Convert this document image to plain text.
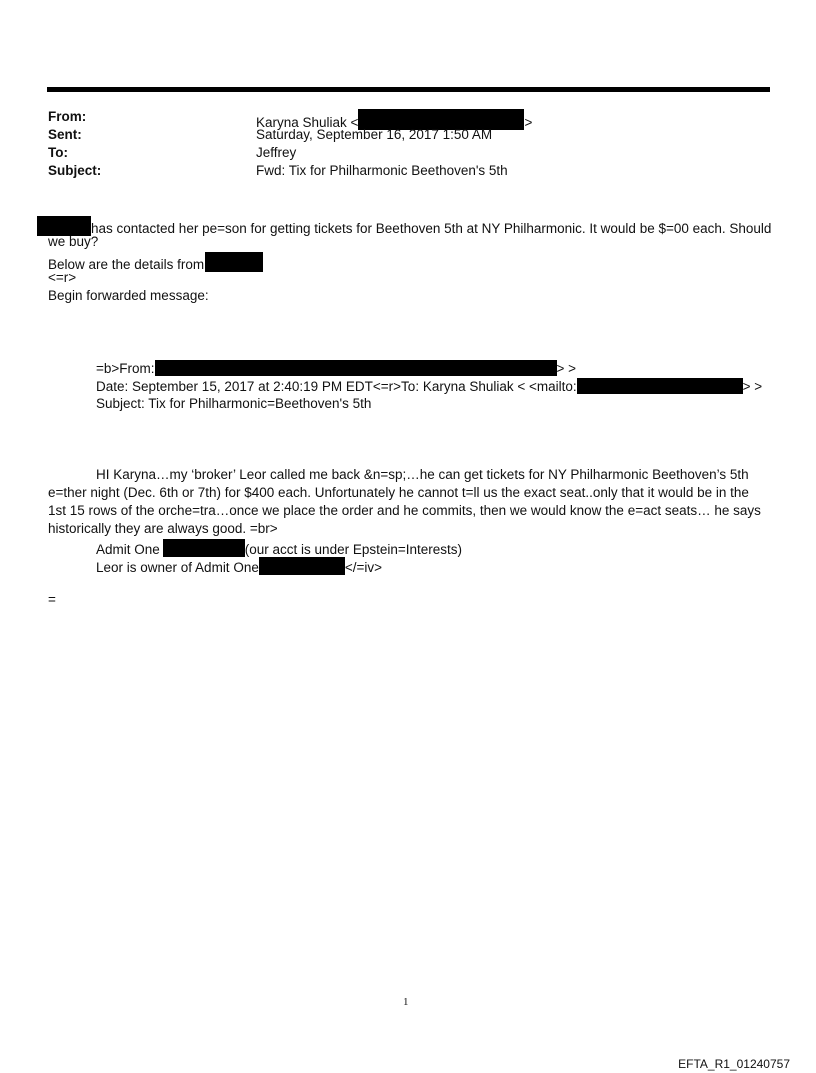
From:	Karyna Shuliak <	>
Sent:	Saturday, September 16, 2017 1:50 AM
To:	Jeffrey
Subject:	Fwd: Tix for Philharmonic Beethoven's 5th
has contacted her pe=son for getting tickets for Beethoven 5th at NY Philharmonic. It would be $=00 each. Should
we buy?
Below are the details from
<=r>
Begin forwarded message:
=b>From:	> >
Date: September 15, 2017 at 2:40:19 PM EDT<=r>To: Karyna Shuliak < <mailto:	> >
Subject: Tix for Philharmonic=Beethoven's 5th
HI Karyna…my ‘broker’ Leor called me back &n=sp;…he can get tickets for NY Philharmonic Beethoven’s 5th
e=ther night (Dec. 6th or 7th) for $400 each. Unfortunately he cannot t=ll us the exact seat..only that it would be in the
1st 15 rows of the orche=tra…once we place the order and he commits, then we would know the e=act seats… he says
historically they are always good. =br>
Admit One	(our acct is under Epstein=Interests)
Leor is owner of Admit One	</=iv>
=
1
EFTA_R1_01240757
